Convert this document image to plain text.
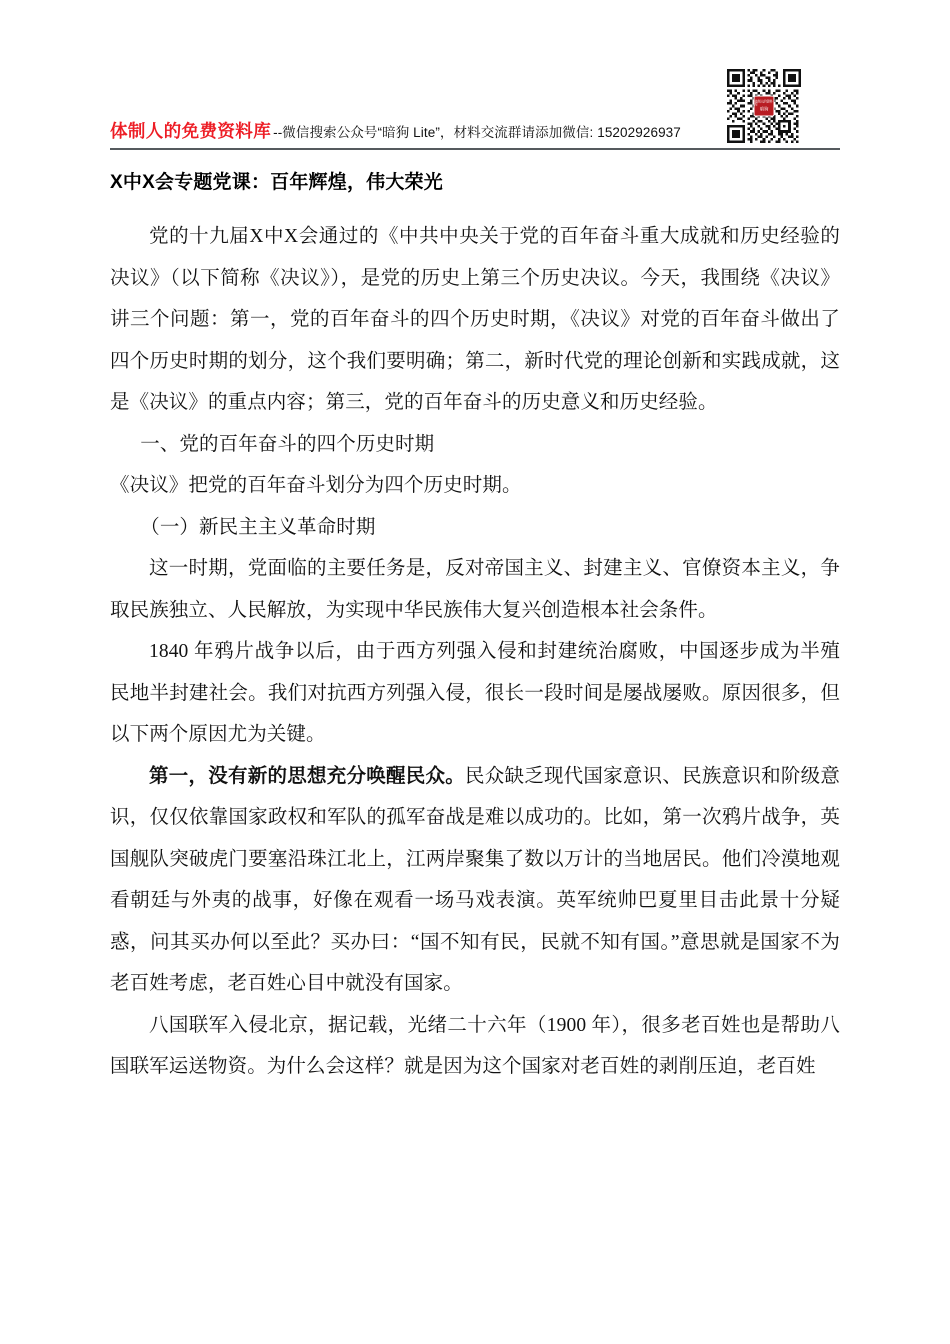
体制人的免费资料库 --微信搜索公众号“暗狗 Lite”，材料交流群请添加微信: 15202926937
体制人的资料库
暗狗
X中X会专题党课：百年辉煌，伟大荣光

党的十九届X中X会通过的《中共中央关于党的百年奋斗重大成就和历史经验的决议》（以下简称《决议》），是党的历史上第三个历史决议。今天，我围绕《决议》讲三个问题：第一，党的百年奋斗的四个历史时期，《决议》对党的百年奋斗做出了四个历史时期的划分，这个我们要明确；第二，新时代党的理论创新和实践成就，这是《决议》的重点内容；第三，党的百年奋斗的历史意义和历史经验。

一、党的百年奋斗的四个历史时期

《决议》把党的百年奋斗划分为四个历史时期。

（一）新民主主义革命时期

这一时期，党面临的主要任务是，反对帝国主义、封建主义、官僚资本主义，争取民族独立、人民解放，为实现中华民族伟大复兴创造根本社会条件。

1840 年鸦片战争以后，由于西方列强入侵和封建统治腐败，中国逐步成为半殖民地半封建社会。我们对抗西方列强入侵，很长一段时间是屡战屡败。原因很多，但以下两个原因尤为关键。

第一，没有新的思想充分唤醒民众。民众缺乏现代国家意识、民族意识和阶级意识，仅仅依靠国家政权和军队的孤军奋战是难以成功的。比如，第一次鸦片战争，英国舰队突破虎门要塞沿珠江北上，江两岸聚集了数以万计的当地居民。他们冷漠地观看朝廷与外夷的战事，好像在观看一场马戏表演。英军统帅巴夏里目击此景十分疑惑，问其买办何以至此？买办曰：“国不知有民，民就不知有国。”意思就是国家不为老百姓考虑，老百姓心目中就没有国家。

八国联军入侵北京，据记载，光绪二十六年（1900 年），很多老百姓也是帮助八国联军运送物资。为什么会这样？就是因为这个国家对老百姓的剥削压迫，老百姓
